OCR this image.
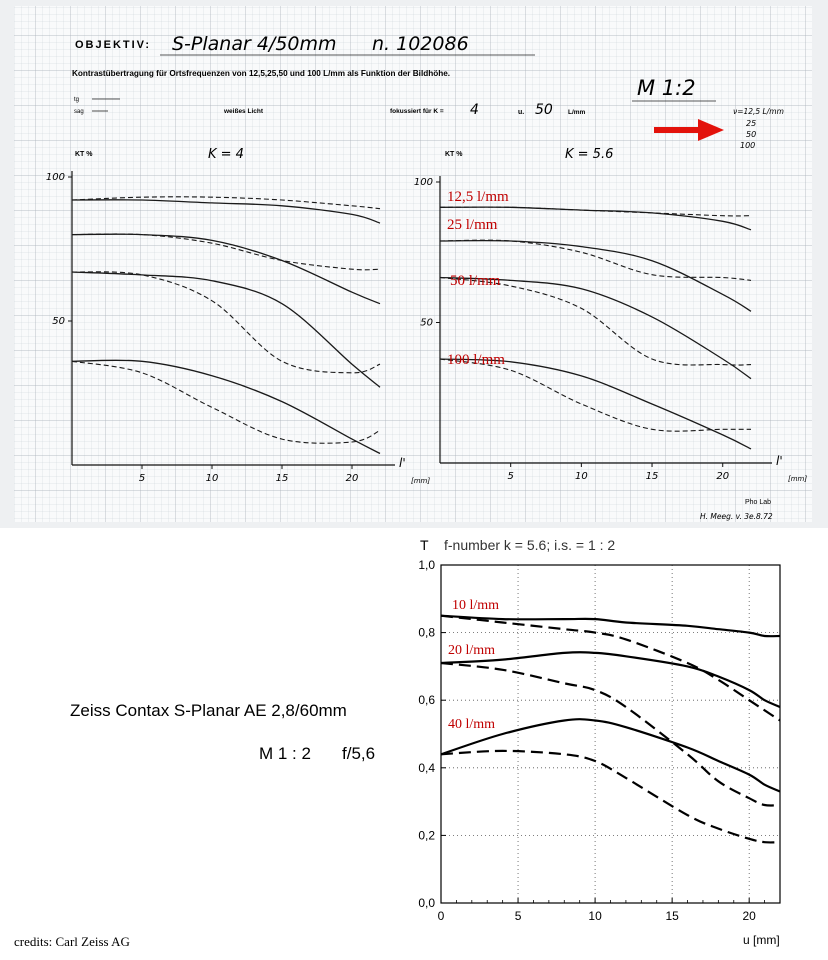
OBJEKTIV: S-Planar 4/50mm n. 102086
Kontrastübertragung für Ortsfrequenzen von 12,5,25,50 und 100 L/mm als Funktion der Bildhöhe.
M 1:2
tg
sag	weißes Licht	fokussiert für K = 4	u. 50 L/mm	ν=12,5 L/mm
25
50
100
KT %	K = 4	KT %	K = 5.6
100
50
5	10	15	20
l'
[mm]
100
50
5	10	15	20
l'
[mm]
12,5 l/mm
25 l/mm
50 l/mm
100 l/mm
Pho Lab
H. Meeg. v. 3e.8.72
Zeiss Contax S-Planar AE 2,8/60mm
M 1 : 2 f/5,6
credits: Carl Zeiss AG
T f-number k = 5.6; i.s. = 1 : 2
u [mm]
0,0
0,2
0,4
0,6
0,8
1,0
0	5	10	15	20
10 l/mm
20 l/mm
40 l/mm
